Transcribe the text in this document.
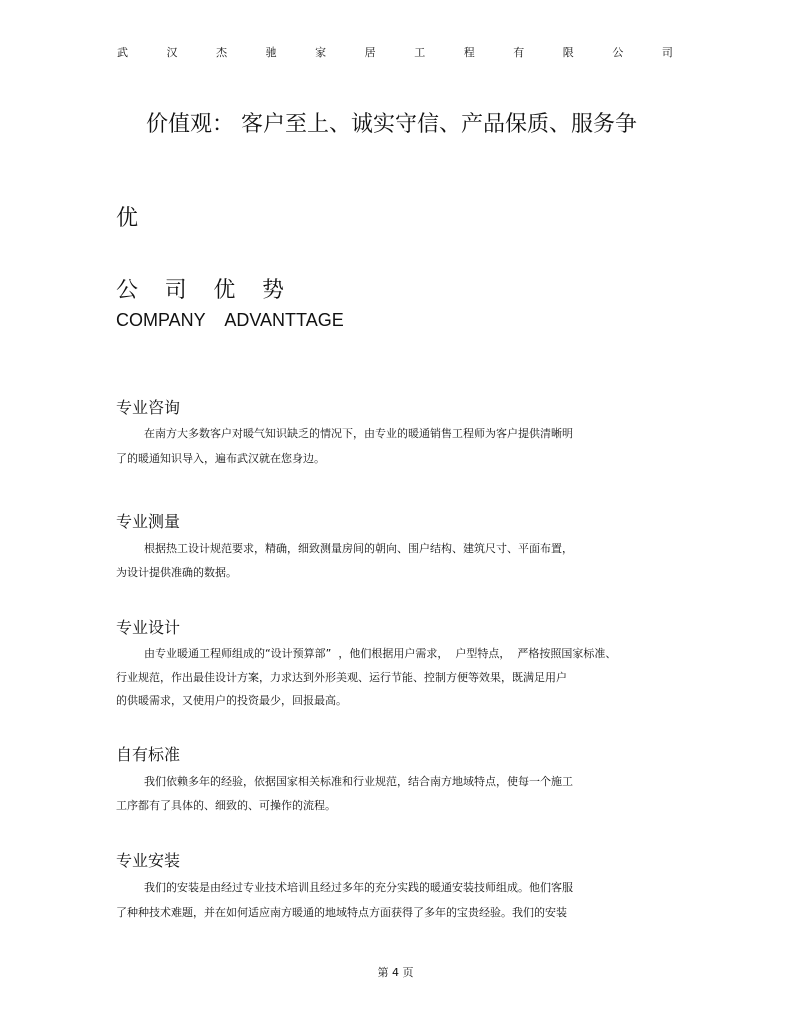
武	汉	杰	驰	家	居	工	程	有	限	公	司
价值观： 客户至上、诚实守信、产品保质、服务争
优
公 司 优 势
COMPANY    ADVANTTAGE
专业咨询
在南方大多数客户对暖气知识缺乏的情况下，由专业的暖通销售工程师为客户提供清晰明
了的暖通知识导入，遍布武汉就在您身边。
专业测量
根据热工设计规范要求，精确，细致测量房间的朝向、围户结构、建筑尺寸、平面布置，
为设计提供准确的数据。
专业设计
由专业暖通工程师组成的“设计预算部”  ，他们根据用户需求，  户型特点，  严格按照国家标准、
行业规范，作出最佳设计方案，力求达到外形美观、运行节能、控制方便等效果，既满足用户
的供暖需求，又使用户的投资最少，回报最高。
自有标准
我们依赖多年的经验，依据国家相关标准和行业规范，结合南方地域特点，使每一个施工
工序都有了具体的、细致的、可操作的流程。
专业安装
我们的安装是由经过专业技术培训且经过多年的充分实践的暖通安装技师组成。他们客服
了种种技术难题，并在如何适应南方暖通的地域特点方面获得了多年的宝贵经验。我们的安装
第 4 页
